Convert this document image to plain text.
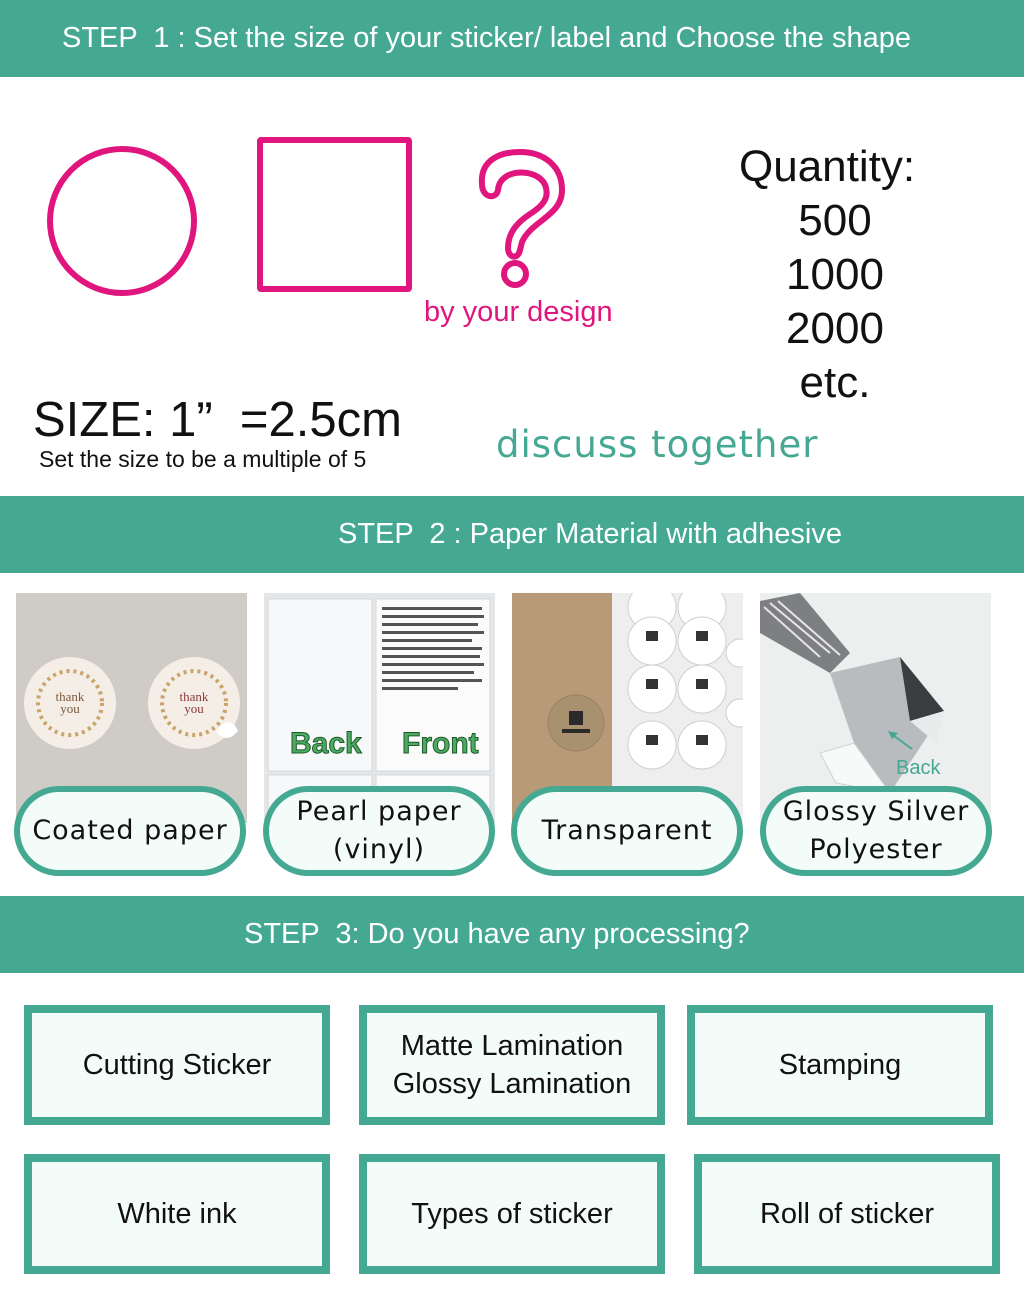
STEP  1 : Set the size of your sticker/ label and Choose the shape
by your design
Quantity:
500
1000
2000
etc.
SIZE: 1”  =2.5cm
Set the size to be a multiple of 5	discuss together
STEP  2 : Paper Material with adhesive
thank
you
thank
you
Back Front
Back
Coated paper
Pearl paper
(vinyl)
Transparent
Glossy Silver
Polyester
STEP  3: Do you have any processing?
Cutting Sticker
Matte Lamination
Glossy Lamination
Stamping
White ink	Types of sticker	Roll of sticker
